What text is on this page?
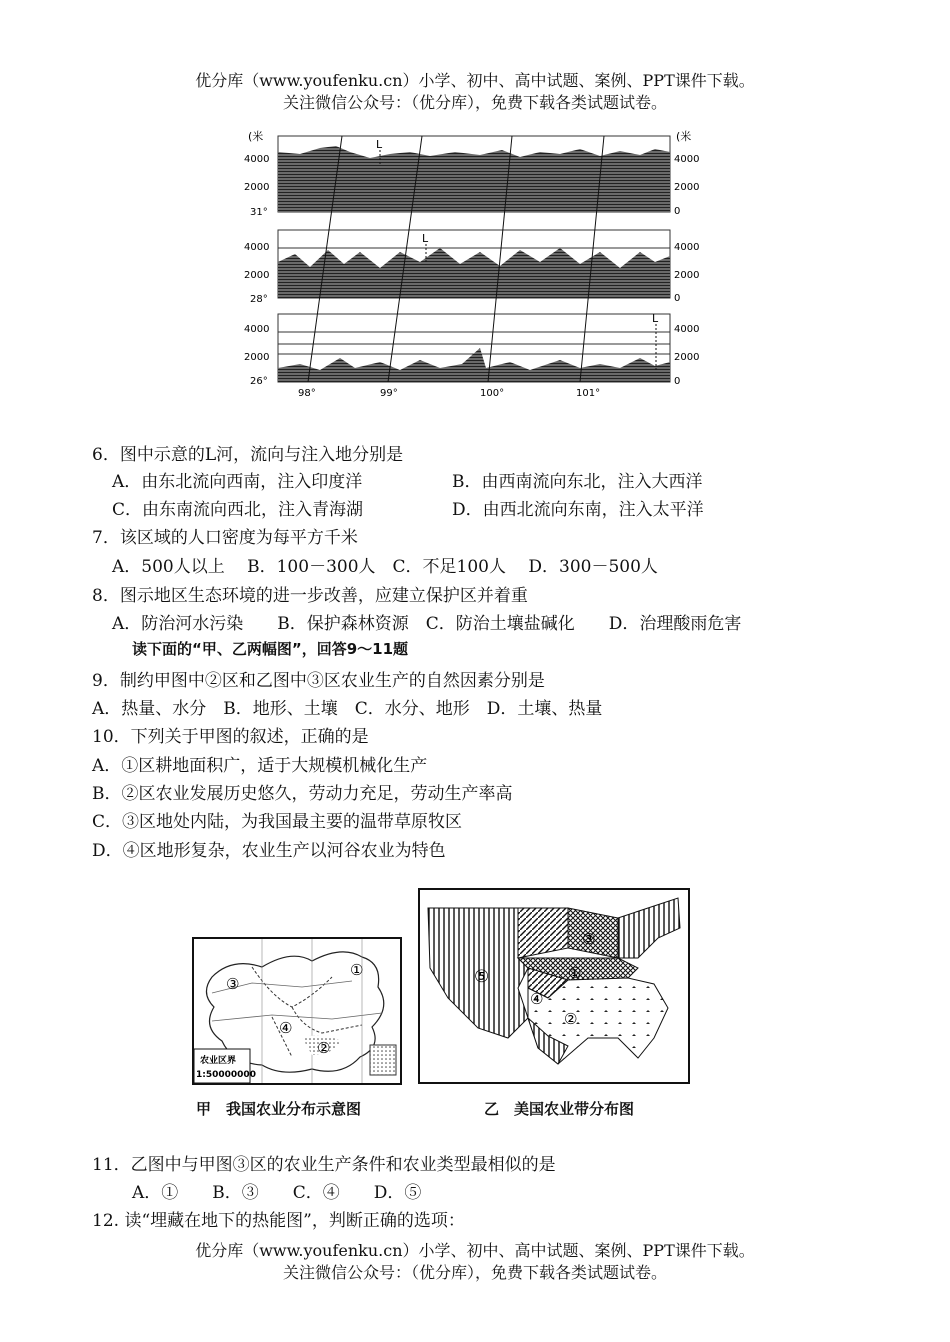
优分库（www.youfenku.cn）小学、初中、高中试题、案例、PPT课件下载。
关注微信公众号：（优分库），免费下载各类试题试卷。
(米	(米
4000
2000
31°
4000
2000
0
L
4000
2000
28°
4000
2000
0
L
4000
2000
26°
4000
2000
0
L
98°	99°	100°	101°
6．图中示意的L河，流向与注入地分别是
A．由东北流向西南，注入印度洋	B．由西南流向东北，注入大西洋
C．由东南流向西北，注入青海湖	D．由西北流向东南，注入太平洋
7．该区域的人口密度为每平方千米
A．500人以上　 B．100－300人　C．不足100人　 D．300－500人
8．图示地区生态环境的进一步改善，应建立保护区并着重
A．防治河水污染　　B．保护森林资源　C．防治土壤盐碱化　　D．治理酸雨危害
读下面的“甲、乙两幅图”，回答9～11题
9．制约甲图中②区和乙图中③区农业生产的自然因素分别是
A．热量、水分　B．地形、土壤　C．水分、地形　D．土壤、热量
10．下列关于甲图的叙述，正确的是
A．①区耕地面积广，适于大规模机械化生产
B．②区农业发展历史悠久，劳动力充足，劳动生产率高
C．③区地处内陆，为我国最主要的温带草原牧区
D．④区地形复杂，农业生产以河谷农业为特色
①
②
③
④
农业区界
1:50000000
甲　我国农业分布示意图
⑤	①
②
③
④
乙　美国农业带分布图
11．乙图中与甲图③区的农业生产条件和农业类型最相似的是
A．①　　B．③　　C．④　　D．⑤
12. 读“埋藏在地下的热能图”，判断正确的选项：
优分库（www.youfenku.cn）小学、初中、高中试题、案例、PPT课件下载。
关注微信公众号：（优分库），免费下载各类试题试卷。
